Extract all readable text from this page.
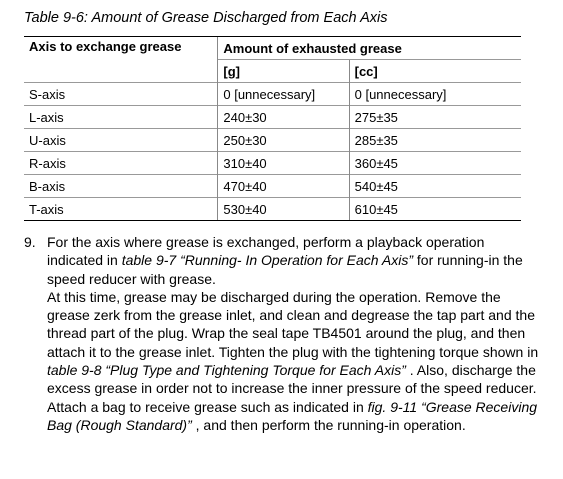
Table 9-6: Amount of Grease Discharged from Each Axis
Axis to exchange grease	Amount of exhausted grease	
	[g]	[cc]
S-axis	0 [unnecessary]	0 [unnecessary]
L-axis	240±30	275±35
U-axis	250±30	285±35
R-axis	310±40	360±45
B-axis	470±40	540±45
T-axis	530±40	610±45
9. For the axis where grease is exchanged, perform a playback operation indicated in table 9-7 “Running- In Operation for Each Axis” for running-in the speed reducer with grease.

At this time, grease may be discharged during the operation. Remove the grease zerk from the grease inlet, and clean and degrease the tap part and the thread part of the plug. Wrap the seal tape TB4501 around the plug, and then attach it to the grease inlet. Tighten the plug with the tightening torque shown in table 9-8 “Plug Type and Tightening Torque for Each Axis” . Also, discharge the excess grease in order not to increase the inner pressure of the speed reducer.

Attach a bag to receive grease such as indicated in fig. 9-11 “Grease Receiving Bag (Rough Standard)” , and then perform the running-in operation.
